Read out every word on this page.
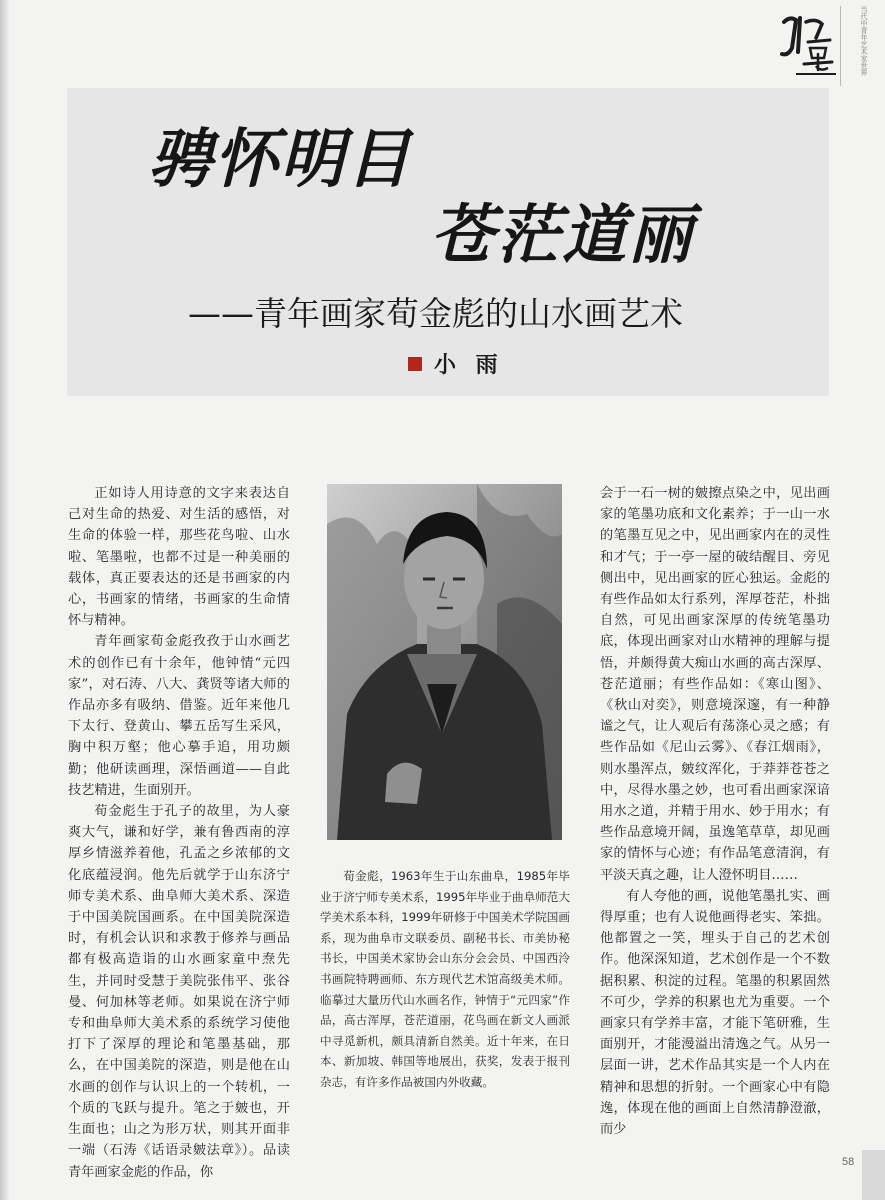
当代中青年艺术家世界
骋怀明目
苍茫道丽
——青年画家荀金彪的山水画艺术
小 雨

正如诗人用诗意的文字来表达自己对生命的热爱、对生活的感悟，对生命的体验一样，那些花鸟啦、山水啦、笔墨啦，也都不过是一种美丽的载体，真正要表达的还是书画家的内心，书画家的情绪，书画家的生命情怀与精神。

青年画家荀金彪孜孜于山水画艺术的创作已有十余年，他钟情“元四家”，对石涛、八大、龚贤等诸大师的作品亦多有吸纳、借鉴。近年来他几下太行、登黄山、攀五岳写生采风，胸中积万壑；他心摹手追，用功颇勤；他研读画理，深悟画道——自此技艺精进，生面别开。

荀金彪生于孔子的故里，为人豪爽大气，谦和好学，兼有鲁西南的淳厚乡情滋养着他，孔孟之乡浓郁的文化底蕴浸润。他先后就学于山东济宁师专美术系、曲阜师大美术系、深造于中国美院国画系。在中国美院深造时，有机会认识和求教于修养与画品都有极高造诣的山水画家童中焘先生，并同时受慧于美院张伟平、张谷曼、何加林等老师。如果说在济宁师专和曲阜师大美术系的系统学习使他打下了深厚的理论和笔墨基础，那么，在中国美院的深造，则是他在山水画的创作与认识上的一个转机，一个质的飞跃与提升。笔之于皴也，开生面也；山之为形万状，则其开面非一端（石涛《话语录皴法章》）。品读青年画家金彪的作品，你

荀金彪，1963年生于山东曲阜，1985年毕业于济宁师专美术系，1995年毕业于曲阜师范大学美术系本科，1999年研修于中国美术学院国画系，现为曲阜市文联委员、副秘书长、市美协秘书长，中国美术家协会山东分会会员、中国西泠书画院特聘画师、东方现代艺术馆高级美术师。临摹过大量历代山水画名作，钟情于“元四家”作品，高古浑厚，苍茫道丽，花鸟画在新文人画派中寻觅新机，颇具清新自然美。近十年来，在日本、新加坡、韩国等地展出，获奖，发表于报刊杂志，有许多作品被国内外收藏。

会于一石一树的皴擦点染之中，见出画家的笔墨功底和文化素养；于一山一水的笔墨互见之中，见出画家内在的灵性和才气；于一亭一屋的破结醒目、旁见侧出中，见出画家的匠心独运。金彪的有些作品如太行系列，浑厚苍茫，朴拙自然，可见出画家深厚的传统笔墨功底，体现出画家对山水精神的理解与提悟，并颇得黄大痴山水画的高古深厚、苍茫道丽；有些作品如：《寒山图》、《秋山对奕》，则意境深邃，有一种静谧之气，让人观后有荡涤心灵之感；有些作品如《尼山云雾》、《春江烟雨》，则水墨浑点，皴纹浑化，于莽莽苍苍之中，尽得水墨之妙，也可看出画家深谙用水之道，并精于用水、妙于用水；有些作品意境开阔，虽逸笔草草，却见画家的情怀与心迹；有作品笔意清润，有平淡天真之趣，让人澄怀明目……

有人夸他的画，说他笔墨扎实、画得厚重；也有人说他画得老实、笨拙。他都置之一笑，埋头于自己的艺术创作。他深深知道，艺术创作是一个不数据积累、积淀的过程。笔墨的积累固然不可少，学养的积累也尤为重要。一个画家只有学养丰富，才能下笔研雅，生面别开，才能漫溢出清逸之气。从另一层面一讲，艺术作品其实是一个人内在精神和思想的折射。一个画家心中有隐逸，体现在他的画面上自然清静澄澈，而少

58
